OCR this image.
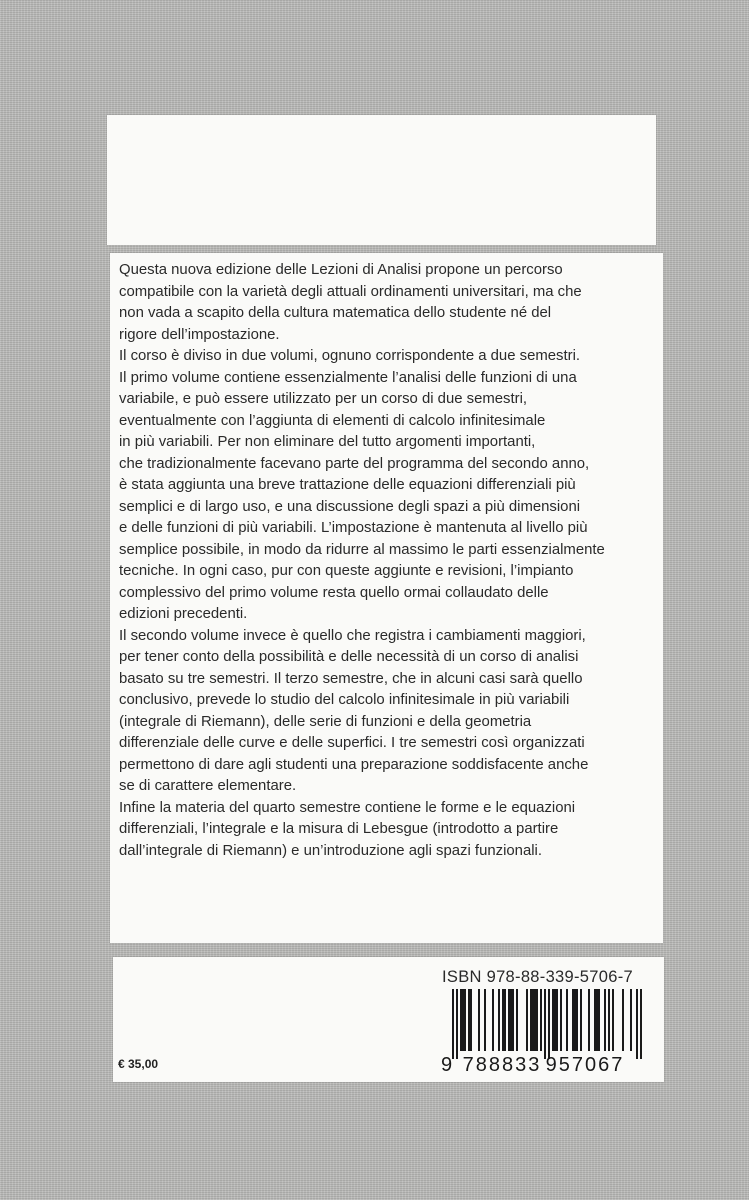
Questa nuova edizione delle Lezioni di Analisi propone un percorso
compatibile con la varietà degli attuali ordinamenti universitari, ma che
non vada a scapito della cultura matematica dello studente né del
rigore dell’impostazione.
Il corso è diviso in due volumi, ognuno corrispondente a due semestri.
Il primo volume contiene essenzialmente l’analisi delle funzioni di una
variabile, e può essere utilizzato per un corso di due semestri,
eventualmente con l’aggiunta di elementi di calcolo infinitesimale
in più variabili. Per non eliminare del tutto argomenti importanti,
che tradizionalmente facevano parte del programma del secondo anno,
è stata aggiunta una breve trattazione delle equazioni differenziali più
semplici e di largo uso, e una discussione degli spazi a più dimensioni
e delle funzioni di più variabili. L’impostazione è mantenuta al livello più
semplice possibile, in modo da ridurre al massimo le parti essenzialmente
tecniche. In ogni caso, pur con queste aggiunte e revisioni, l’impianto
complessivo del primo volume resta quello ormai collaudato delle
edizioni precedenti.
Il secondo volume invece è quello che registra i cambiamenti maggiori,
per tener conto della possibilità e delle necessità di un corso di analisi
basato su tre semestri. Il terzo semestre, che in alcuni casi sarà quello
conclusivo, prevede lo studio del calcolo infinitesimale in più variabili
(integrale di Riemann), delle serie di funzioni e della geometria
differenziale delle curve e delle superfici. I tre semestri così organizzati
permettono di dare agli studenti una preparazione soddisfacente anche
se di carattere elementare.
Infine la materia del quarto semestre contiene le forme e le equazioni
differenziali, l’integrale e la misura di Lebesgue (introdotto a partire
dall’integrale di Riemann) e un’introduzione agli spazi funzionali.
ISBN 978-88-339-5706-7
9 788833 957067
€ 35,00
